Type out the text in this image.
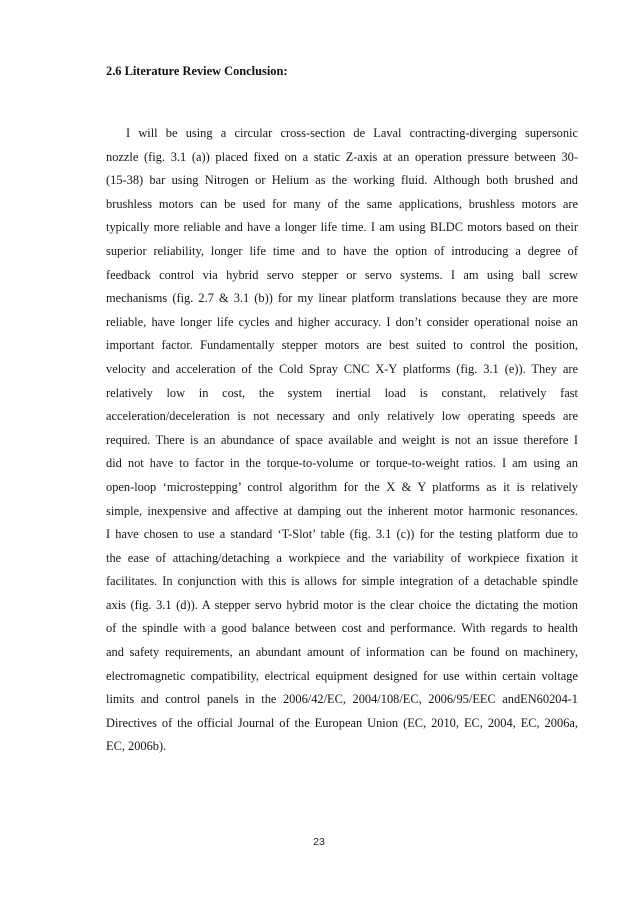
2.6 Literature Review Conclusion:
I will be using a circular cross-section de Laval contracting-diverging supersonic
nozzle (fig. 3.1 (a)) placed fixed on a static Z-axis at an operation pressure between 30-
(15-38) bar using Nitrogen or Helium as the working fluid. Although both brushed and
brushless motors can be used for many of the same applications, brushless motors are
typically more reliable and have a longer life time. I am using BLDC motors based on their
superior reliability, longer life time and to have the option of introducing a degree of
feedback control via hybrid servo stepper or servo systems. I am using ball screw
mechanisms (fig. 2.7 & 3.1 (b)) for my linear platform translations because they are more
reliable, have longer life cycles and higher accuracy. I don’t consider operational noise an
important factor. Fundamentally stepper motors are best suited to control the position,
velocity and acceleration of the Cold Spray CNC X-Y platforms (fig. 3.1 (e)). They are
relatively low in cost, the system inertial load is constant, relatively fast
acceleration/deceleration is not necessary and only relatively low operating speeds are
required. There is an abundance of space available and weight is not an issue therefore I
did not have to factor in the torque-to-volume or torque-to-weight ratios. I am using an
open-loop ‘microstepping’ control algorithm for the X & Y platforms as it is relatively
simple, inexpensive and affective at damping out the inherent motor harmonic resonances.
I have chosen to use a standard ‘T-Slot’ table (fig. 3.1 (c)) for the testing platform due to
the ease of attaching/detaching a workpiece and the variability of workpiece fixation it
facilitates. In conjunction with this is allows for simple integration of a detachable spindle
axis (fig. 3.1 (d)). A stepper servo hybrid motor is the clear choice the dictating the motion
of the spindle with a good balance between cost and performance. With regards to health
and safety requirements, an abundant amount of information can be found on machinery,
electromagnetic compatibility, electrical equipment designed for use within certain voltage
limits and control panels in the 2006/42/EC, 2004/108/EC, 2006/95/EEC andEN60204-1
Directives of the official Journal of the European Union (EC, 2010, EC, 2004, EC, 2006a,
EC, 2006b).
23
